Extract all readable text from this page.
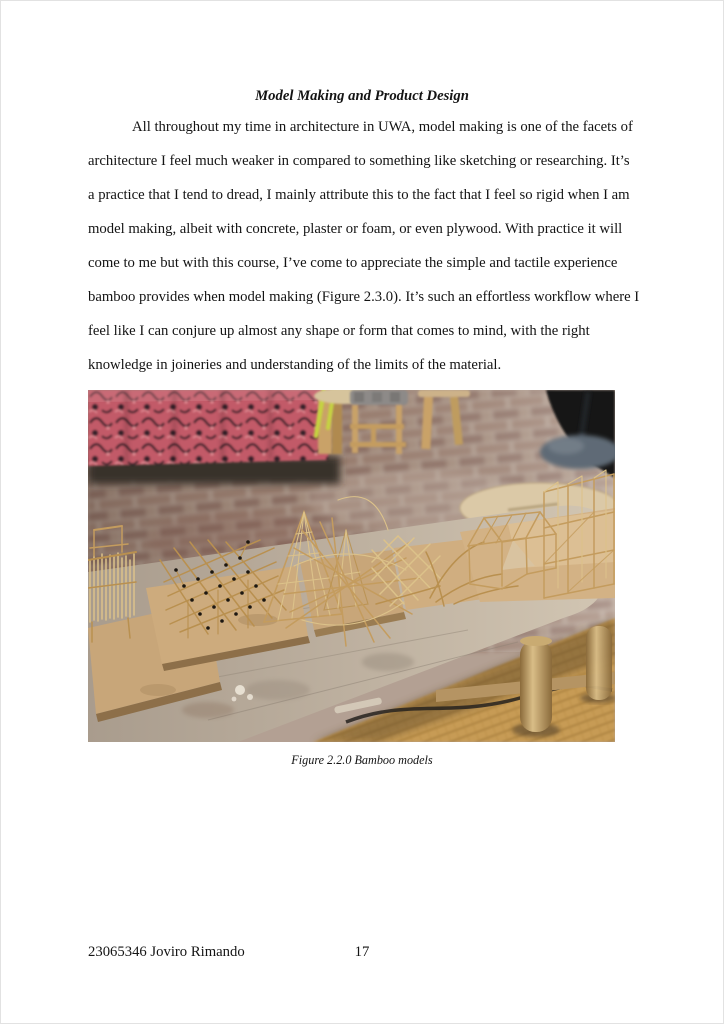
Model Making and Product Design
All throughout my time in architecture in UWA, model making is one of the facets of
architecture I feel much weaker in compared to something like sketching or researching. It’s
a practice that I tend to dread, I mainly attribute this to the fact that I feel so rigid when I am
model making, albeit with concrete, plaster or foam, or even plywood. With practice it will
come to me but with this course, I’ve come to appreciate the simple and tactile experience
bamboo provides when model making (Figure 2.3.0). It’s such an effortless workflow where I
feel like I can conjure up almost any shape or form that comes to mind, with the right
knowledge in joineries and understanding of the limits of the material.
Figure 2.2.0 Bamboo models
17
23065346 Joviro Rimando
